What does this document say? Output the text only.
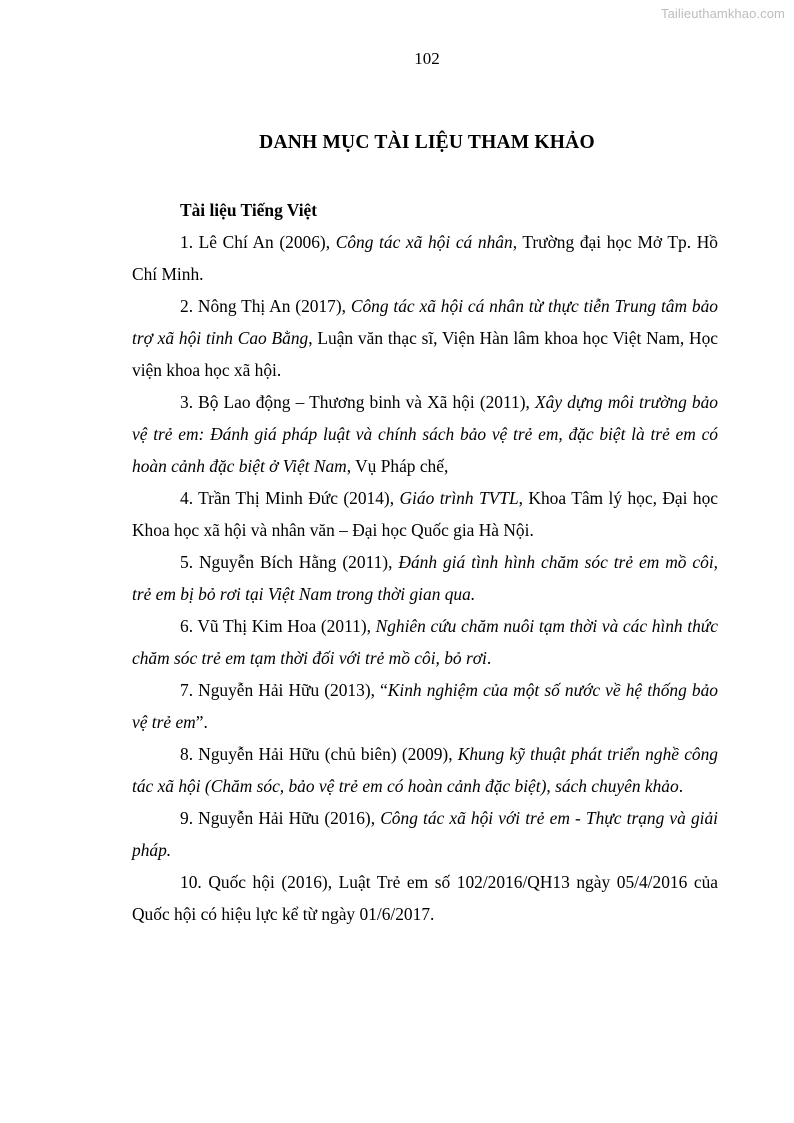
Tailieuthamkhao.com
102
DANH MỤC TÀI LIỆU THAM KHẢO

Tài liệu Tiếng Việt

1. Lê Chí An (2006), Công tác xã hội cá nhân, Trường đại học Mở Tp. Hồ Chí Minh.

2. Nông Thị An (2017), Công tác xã hội cá nhân từ thực tiễn Trung tâm bảo trợ xã hội tỉnh Cao Bằng, Luận văn thạc sĩ, Viện Hàn lâm khoa học Việt Nam, Học viện khoa học xã hội.

3. Bộ Lao động – Thương binh và Xã hội (2011), Xây dựng môi trường bảo vệ trẻ em: Đánh giá pháp luật và chính sách bảo vệ trẻ em, đặc biệt là trẻ em có hoàn cảnh đặc biệt ở Việt Nam, Vụ Pháp chế,

4. Trần Thị Minh Đức (2014), Giáo trình TVTL, Khoa Tâm lý học, Đại học Khoa học xã hội và nhân văn – Đại học Quốc gia Hà Nội.

5. Nguyễn Bích Hằng (2011), Đánh giá tình hình chăm sóc trẻ em mồ côi, trẻ em bị bỏ rơi tại Việt Nam trong thời gian qua.

6. Vũ Thị Kim Hoa (2011), Nghiên cứu chăm nuôi tạm thời và các hình thức chăm sóc trẻ em tạm thời đối với trẻ mồ côi, bỏ rơi.

7. Nguyễn Hải Hữu (2013), “Kinh nghiệm của một số nước về hệ thống bảo vệ trẻ em”.

8. Nguyễn Hải Hữu (chủ biên) (2009), Khung kỹ thuật phát triển nghề công tác xã hội (Chăm sóc, bảo vệ trẻ em có hoàn cảnh đặc biệt), sách chuyên khảo.

9. Nguyễn Hải Hữu (2016), Công tác xã hội với trẻ em - Thực trạng và giải pháp.

10. Quốc hội (2016), Luật Trẻ em số 102/2016/QH13 ngày 05/4/2016 của Quốc hội có hiệu lực kể từ ngày 01/6/2017.
